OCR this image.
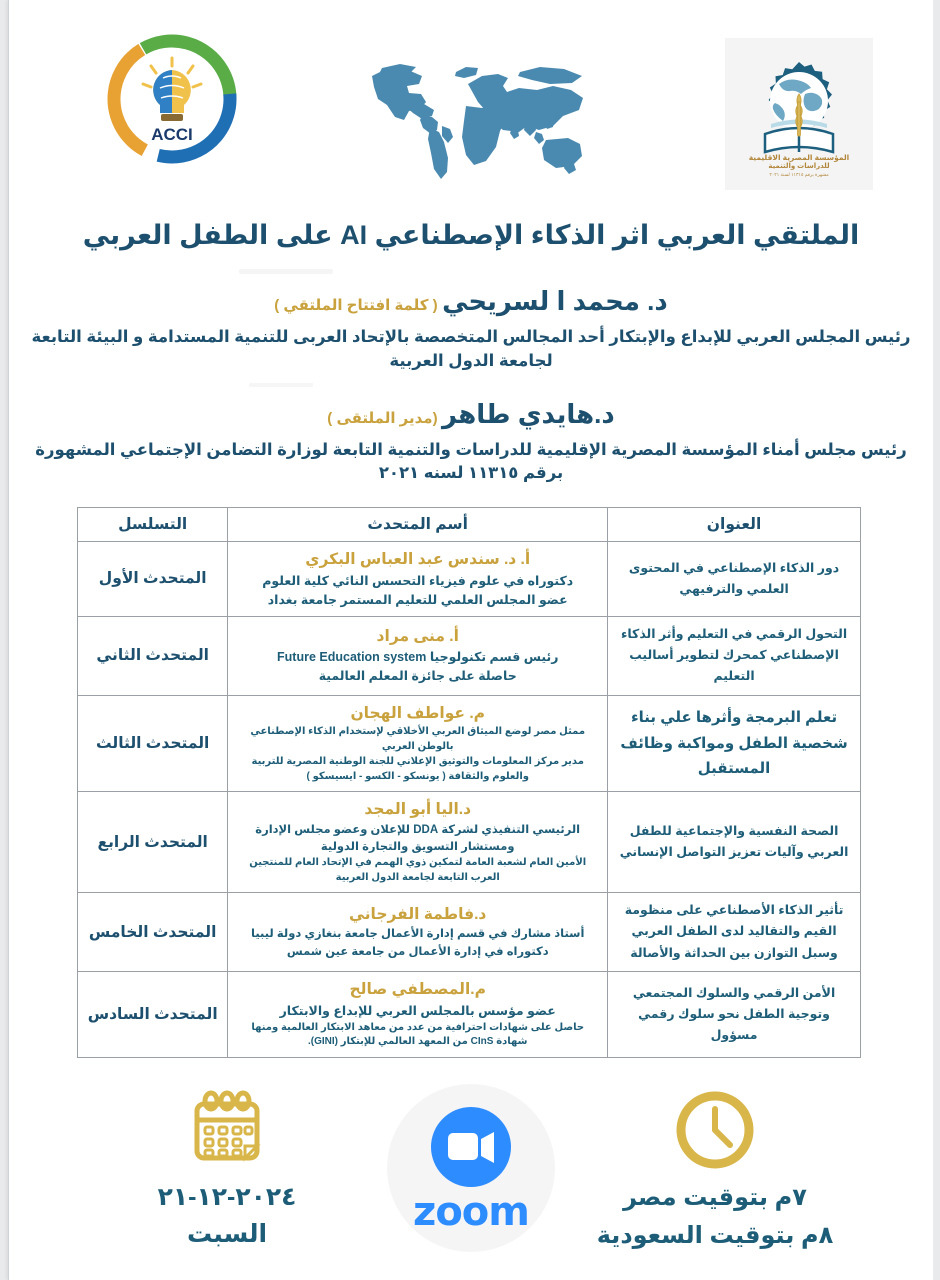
المؤسسة المصرية الاقليمية
للدراسات والتنمية
مشهرة برقم ١١٣١٥ لسنة ٢٠٢١
ACCI
الملتقي العربي اثر الذكاء الإصطناعي AI على الطفل العربي
د. محمد ا لسريحي ( كلمة افتتاح الملتقي )
رئيس المجلس العربي للإبداع والإبتكار أحد المجالس المتخصصة بالإتحاد العربى للتنمية المستدامة و البيئة التابعة لجامعة الدول العربية
د.هايدي طاهر (مدير الملتقى )
رئيس مجلس أمناء المؤسسة المصرية الإقليمية للدراسات والتنمية التابعة لوزارة التضامن الإجتماعي المشهورة برقم ١١٣١٥ لسنه ٢٠٢١
العنوان	أسم المتحدث	التسلسل
دور الذكاء الإصطناعي في المحتوى العلمي والترفيهي	أ. د. سندس عبد العباس البكري
دكتوراه في علوم فيزياء التحسس النائي كلية العلوم
عضو المجلس العلمي للتعليم المستمر جامعة بغداد	المتحدث الأول
التحول الرقمي في التعليم وأثر الذكاء الإصطناعي كمحرك لتطوير أساليب التعليم	أ. منى مراد
رئيس قسم تكنولوجيا Future Education system
حاصلة على جائزة المعلم العالمية	المتحدث الثاني
تعلم البرمجة وأثرها علي بناء شخصية الطفل ومواكبة وظائف المستقبل	م. عواطف الهجان
ممثل مصر لوضع الميثاق العربي الأخلاقي لإستخدام الذكاء الإصطناعي بالوطن العربي
مدير مركز المعلومات والتوثيق الإعلاني للجنة الوطنية المصرية للتربية والعلوم والثقافة ( يونسكو - الكسو - ايسيسكو )	المتحدث الثالث
الصحة النفسية والإجتماعية للطفل العربي وآليات تعزيز التواصل الإنساني	د.اليا أبو المجد
الرئيسي التنفيذي لشركة DDA للإعلان وعضو مجلس الإدارة ومستشار التسويق والتجارة الدولية
الأمين العام لشعبة العامة لتمكين ذوي الهمم في الإتحاد العام للمنتجين العرب التابعة لجامعة الدول العربية	المتحدث الرابع
تأثير الذكاء الأصطناعي على منظومة القيم والتقاليد لدى الطفل العربي وسبل التوازن بين الحداثة والأصالة	د.فاطمة الفرجاني
أستاذ مشارك في قسم إدارة الأعمال جامعة بنغازي دولة ليبيا
دكتوراه في إدارة الأعمال من جامعة عين شمس	المتحدث الخامس
الأمن الرقمي والسلوك المجتمعي وتوجية الطفل نحو سلوك رقمي مسؤول	م.المصطفي صالح
عضو مؤسس بالمجلس العربي للإبداع والابتكار
حاصل على شهادات احترافية من عدد من معاهد الابتكار العالمية ومنها شهادة CInS من المعهد العالمي للإبتكار (GINI).	المتحدث السادس
٧م بتوقيت مصر
٨م بتوقيت السعودية
zoom
٢٠٢٤-١٢-٢١
السبت
